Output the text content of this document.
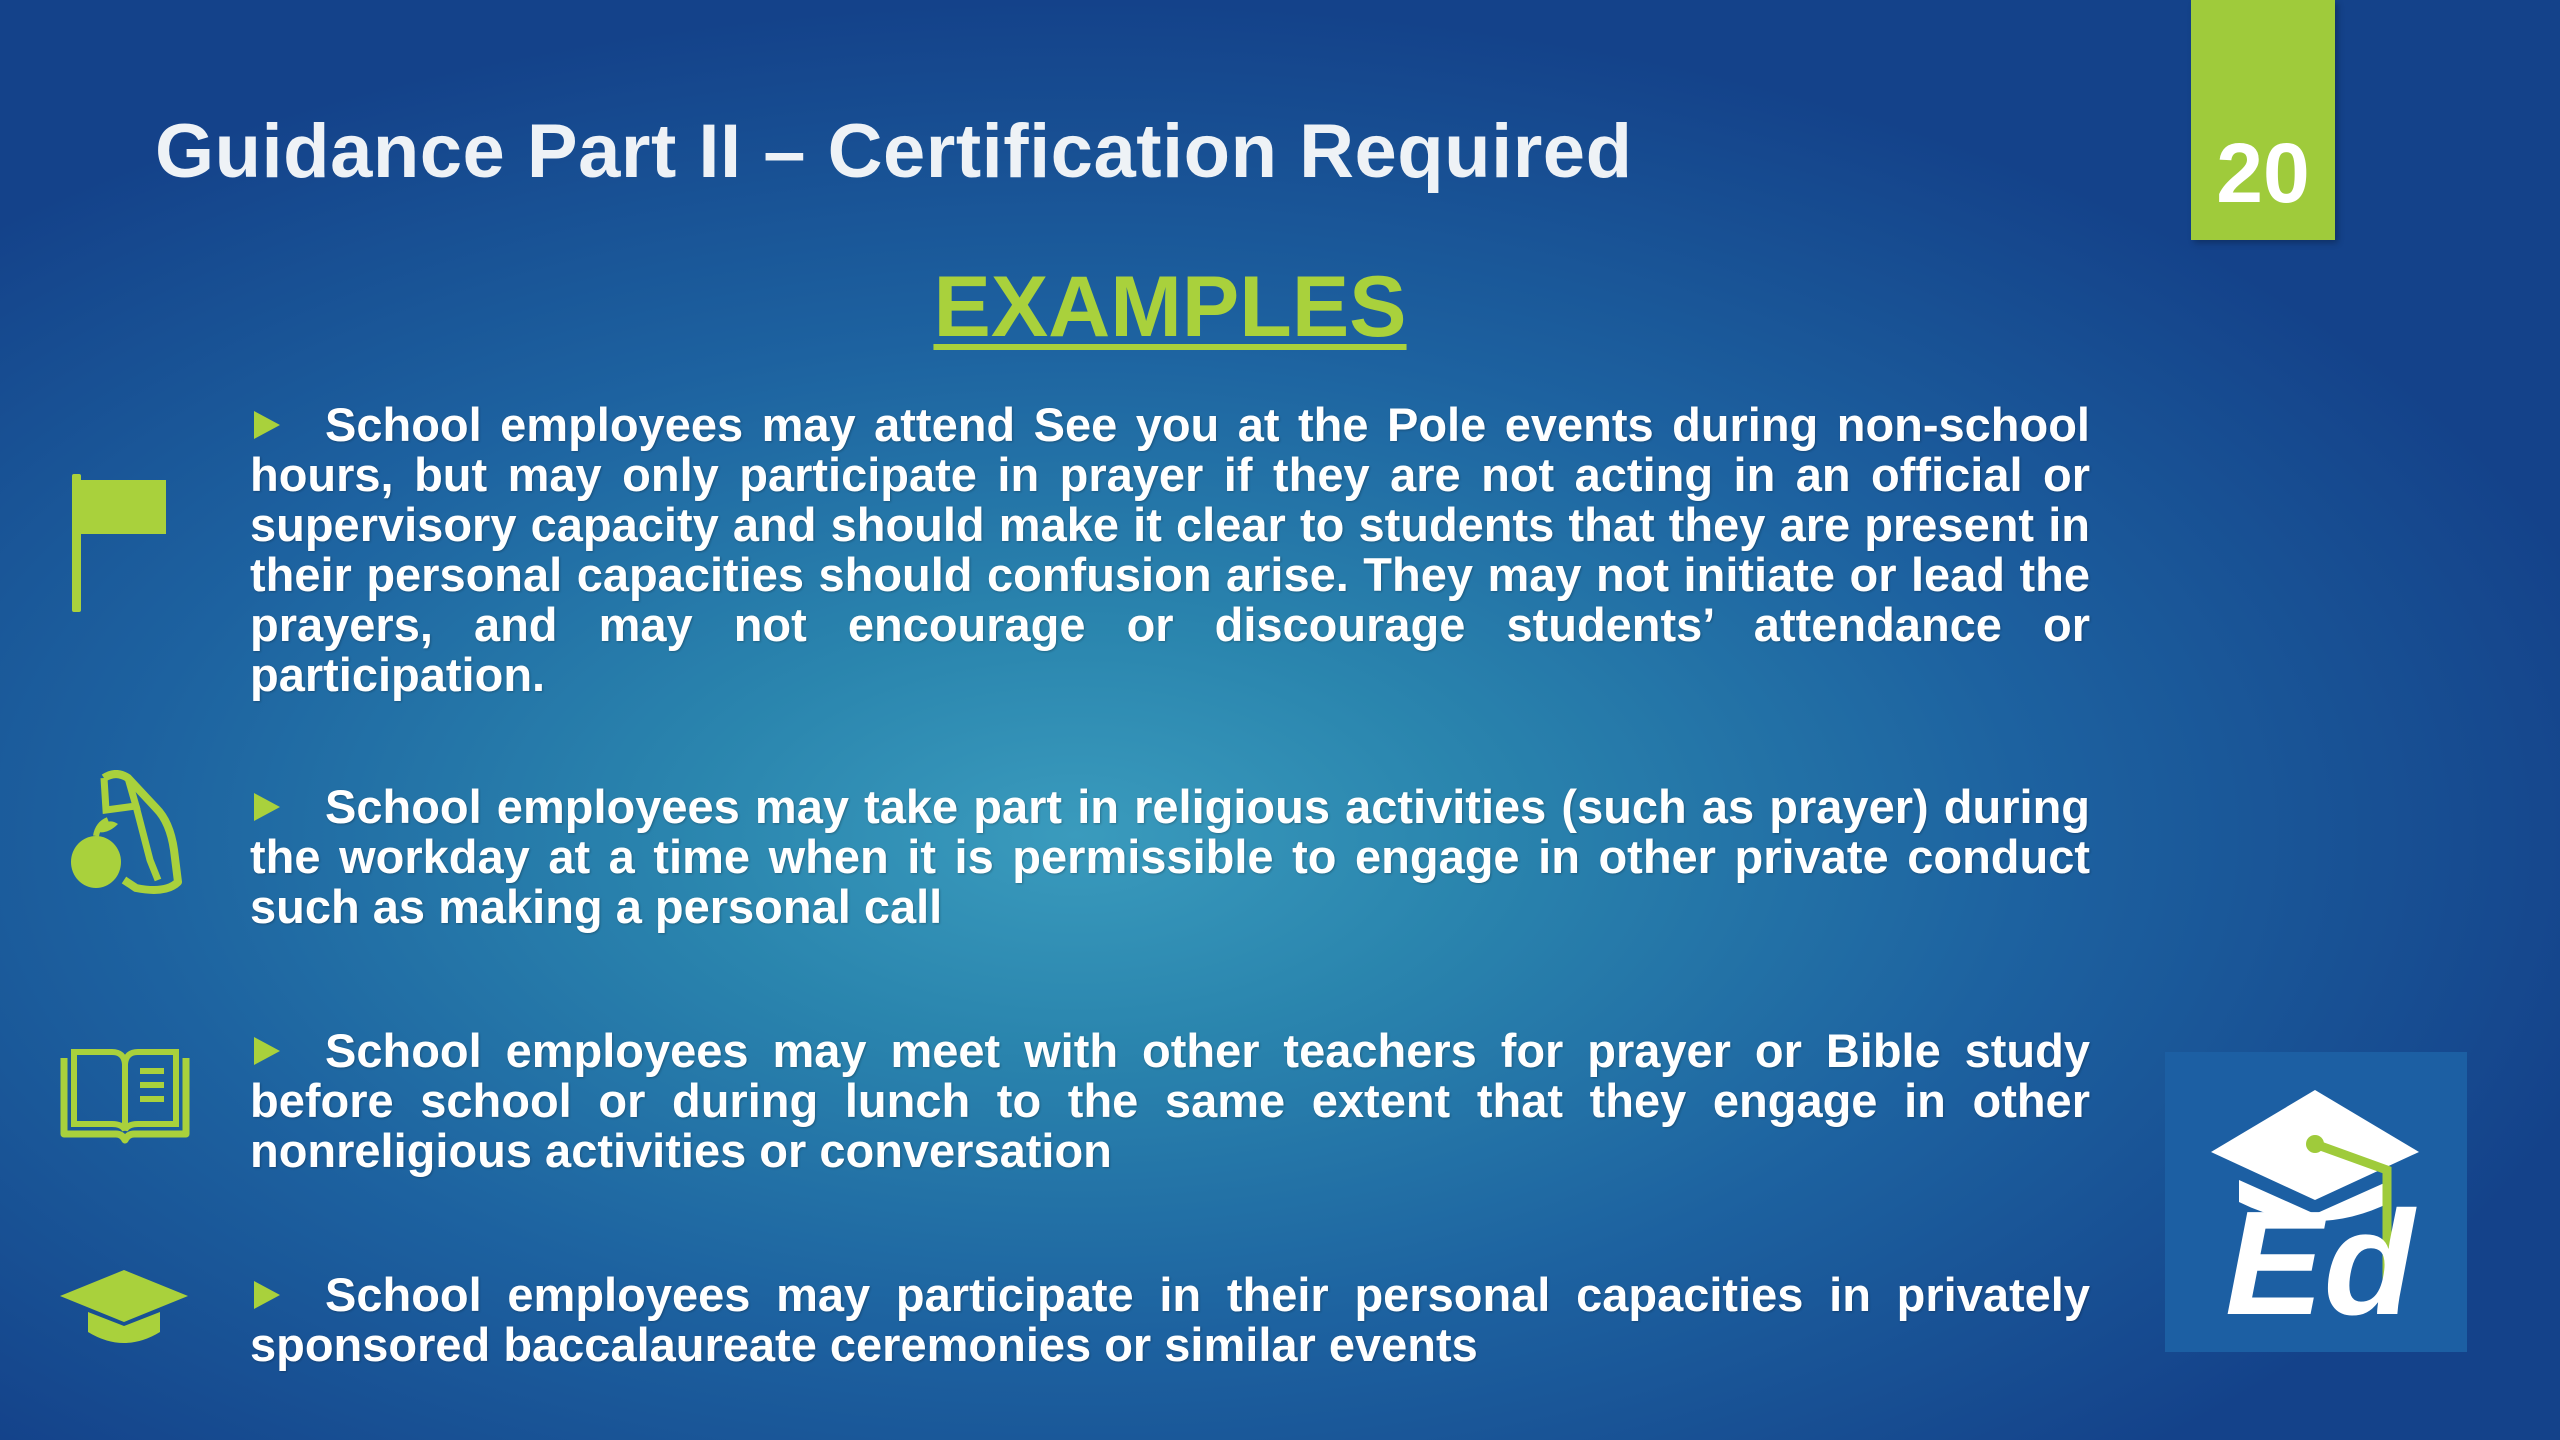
Guidance Part II – Certification Required	20
EXAMPLES

School employees may attend See you at the Pole events during non-school hours, but may only participate in prayer if they are not acting in an official or supervisory capacity and should make it clear to students that they are present in their personal capacities should confusion arise. They may not initiate or lead the prayers, and may not encourage or discourage students’ attendance or participation.

School employees may take part in religious activities (such as prayer) during the workday at a time when it is permissible to engage in other private conduct such as making a personal call

School employees may meet with other teachers for prayer or Bible study before school or during lunch to the same extent that they engage in other nonreligious activities or conversation

School employees may participate in their personal capacities in privately sponsored baccalaureate ceremonies or similar events	Ed
